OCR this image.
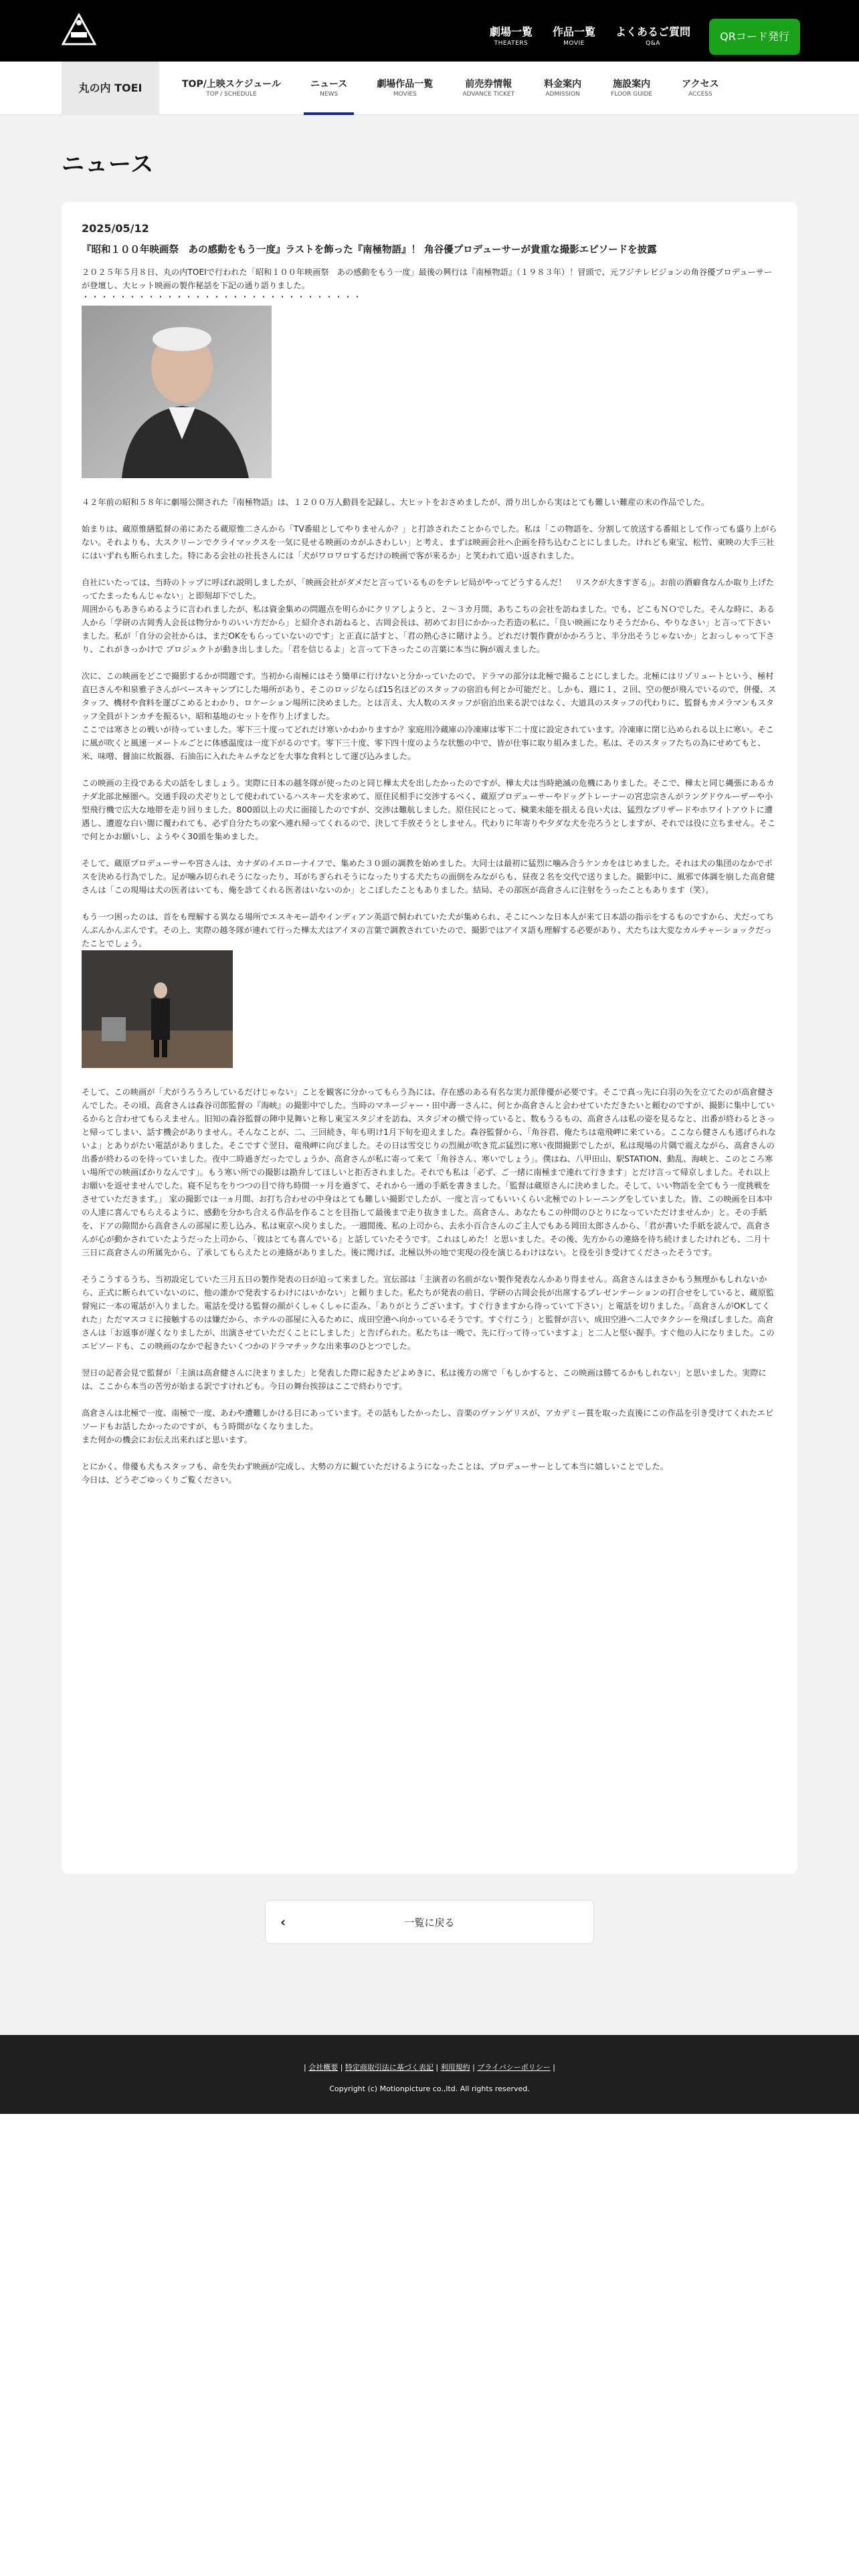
劇場一覧
THEATERS
作品一覧
MOVIE
よくあるご質問
Q&A
QRコード発行
丸の内 TOEI	TOP/上映スケジュール
TOP / SCHEDULE
ニュース
NEWS
劇場作品一覧
MOVIES
前売券情報
ADVANCE TICKET
料金案内
ADMISSION
施設案内
FLOOR GUIDE
アクセス
ACCESS
ニュース
2025/05/12
『昭和１００年映画祭　あの感動をもう一度』ラストを飾った『南極物語』！ 角谷優プロデューサーが貴重な撮影エピソードを披露

２０２５年５月８日、丸の内TOEIで行われた「昭和１００年映画祭　あの感動をもう一度」最後の興行は『南極物語』（１９８３年）！冒頭で、元フジテレビジョンの角谷優プロデューサーが登壇し、大ヒット映画の製作秘話を下記の通り語りました。

・・・・・・・・・・・・・・・・・・・・・・・・・・・・・・

４２年前の昭和５８年に劇場公開された『南極物語』は、１２００万人動員を記録し、大ヒットをおさめましたが、滑り出しから実はとても難しい難産の末の作品でした。

始まりは、蔵原惟繕監督の弟にあたる蔵原惟二さんから「TV番組としてやりませんか？」と打診されたことからでした。私は「この物語を、分割して放送する番組として作っても盛り上がらない。それよりも、大スクリーンでクライマックスを一気に見せる映画のカがふさわしい」と考え、まずは映画会社へ企画を持ち込むことにしました。けれども東宝、松竹、東映の大手三社にはいずれも断られました。特にある会社の社長さんには「犬がワロワロするだけの映画で客が来るか」と笑われて追い返されました。

自社にいたっては、当時のトップに呼ばれ説明しましたが、「映画会社がダメだと言っているものをテレビ局がやってどうするんだ！　リスクが大きすぎる」。お前の酒癖食なんか取り上げたってたまったもんじゃない」と即刻却下でした。
周囲からもあきらめるように言われましたが、私は資金集めの問題点を明らかにクリアしようと、２～３カ月間、あちこちの会社を訪ねました。でも、どこもＮＯでした。そんな時に、ある人から「学研の古岡秀人会長は物分かりのいい方だから」と紹介され訪ねると、古岡会長は、初めてお目にかかった若造の私に、「良い映画になりそうだから、やりなさい」と言って下さいました。私が「自分の会社からは、まだOKをもらっていないのです」と正直に話すと、「君の熱心さに賭けよう。どれだけ製作費がかかろうと、半分出そうじゃないか」とおっしゃって下さり、これがきっかけで プロジェクトが動き出しました。「君を信じるよ」と言って下さったこの言葉に本当に胸が震えました。

次に、この映画をどこで撮影するかが問題です。当初から南極にはそう簡単に行けないと分かっていたので、ドラマの部分は北極で撮ることにしました。北極にはリゾリュートという、極村直巳さんや和泉雅子さんがベースキャンプにした場所があり、そこのロッジならば15名ほどのスタッフの宿泊も何とか可能だと。しかも、週に１、２回、空の便が飛んでいるので、併優、スタッフ、機材や食料を運びこめるとわかり、ロケーション場所に決めました。とは言え、大人数のスタッフが宿泊出来る訳ではなく、大道具のスタッフの代わりに、監督もカメラマンもスタッフ全員がトンカチを振るい、昭和基地のセットを作り上げました。
ここでは寒さとの戦いが待っていました。零下三十度ってどれだけ寒いかわかりますか？家庭用冷蔵庫の冷凍庫は零下二十度に設定されています。冷凍庫に閉じ込められる以上に寒い。そこに風が吹くと風速一メートルごとに体感温度は一度下がるのです。零下三十度、零下四十度のような状態の中で、皆が仕事に取り組みました。私は、そのスタッフたちの為にせめてもと、米、味噌、醤油に炊飯器、石油缶に入れたキムチなどを大事な食料として運び込みました。

この映画の主役である犬の話をしましょう。実際に日本の越冬隊が使ったのと同じ樺太犬を出したかったのですが、樺太犬は当時絶滅の危機にありました。そこで、樺太と同じ縄張にあるカナダ北部北極圏へ。交通手段の犬ぞりとして使われているハスキー犬を求めて、原住民相手に交渉するべく、蔵原プロデューサーやドッグトレーナーの宮忠宗さんがラングドウルーザーや小型飛行機で広大な地帯を走り回りました。800頭以上の犬に面接したのですが、交渉は難航しました。原住民にとって、穢業未能を損える良い犬は、猛烈なブリザードやホワイトアウトに遭遇し、遭遊な白い闇に覆われても、必ず自分たちの家へ連れ帰ってくれるので、決して手放そうとしません。代わりに年寄りや夕ダな犬を売ろうとしますが、それでは役に立ちません。そこで何とかお願いし、ようやく30頭を集めました。

そして、蔵原プロデューサーや宮さんは、カナダのイエローナイフで、集めた３０頭の調教を始めました。大同士は最初に猛烈に噛み合うケンカをはじめました。それは犬の集団のなかでボスを決める行為でした。足が噛み切られそうになったり、耳がちぎられそうになったりする犬たちの面倒をみながらも、昼夜２名を交代で送りました。撮影中に、風邪で体調を崩した高倉健さんは「この現場は犬の医者はいても、俺を診てくれる医者はいないのか」とこぼしたこともありました。結局、その部医が高倉さんに注射をうったこともあります（笑）。

もう一つ困ったのは、首をも理解する異なる場所でエスキモー語やインディアン英語で飼われていた犬が集められ、そこにヘンな日本人が来て日本語の指示をするものですから、犬だってちんぷんかんぷんです。その上、実際の越冬隊が連れて行った樺太犬はアイヌの言葉で調教されていたので、撮影ではアイヌ語も理解する必要があり、犬たちは大変なカルチャーショックだったことでしょう。

そして、この映画が「犬がうろうろしているだけじゃない」ことを観客に分かってもらう為には、存在感のある有名な実力派俳優が必要です。そこで真っ先に白羽の矢を立てたのが高倉健さんでした。その頃、高倉さんは森谷司郎監督の『海峡』の撮影中でした。当時のマネージャー・田中壽一さんに、何とか高倉さんと会わせていただきたいと頼むのですが、撮影に集中しているからと合わせてもらえません。旧知の森谷監督の陣中見舞いと称し東宝スタジオを訪ね、スタジオの横で待っていると、数もうるもの、高倉さんは私の姿を見るなと、出番が終わるとさっと帰ってしまい、話す機会がありません。そんなことが、二、三回続き、年も明け1月下旬を迎えました。森谷監督から、「角谷君、俺たちは竜飛岬に来ている。ここなら健さんも逃げられないよ」とありがたい電話がありました。そこですぐ翌日、竜飛岬に向びました。その日は雪交じりの烈風が吹き荒ぶ猛烈に寒い夜間撮影でしたが、私は現場の片隅で震えながら、高倉さんの出番が終わるのを待っていました。夜中二時過ぎだったでしょうか、高倉さんが私に寄って来て「角谷さん、寒いでしょう」。僕はね、八甲田山、駅STATION、動乱、海峡と、このところ寒い場所での映画ばかりなんです」。もう寒い所での撮影は勘弁してほしいと拒否されました。それでも私は「必ず、ご一緒に南極まで連れて行きます」とだけ言って帰京しました。それ以上お願いを返せませんでした。寝不足ちをりつつの目で待ち時間一ヶ月を過ぎて、それから一通の手紙を書きました。「監督は蔵原さんに決めました。そして、いい物語を全てもう一度挑戦をさせていただきます。」 家の撮影では一ヵ月間、お打ち合わせの中身はとても難しい撮影でしたが、一度と言ってもいいくらい北極でのトレーニングをしていました。皆、この映画を日本中の人達に喜んでもらえるように、感動を分かち合える作品を作ることを目指して最後まで走り抜きました。高倉さん、あなたもこの仲間のひとりになっていただけませんか」と。その手紙を、ドアの隙間から高倉さんの部屋に差し込み、私は東京へ戻りました。一週間後、私の上司から、去永小百合さんのご主人でもある岡田太郎さんから、「君が書いた手紙を読んで、高倉さんが心が動かされていたようだった上司から、「彼はとても喜んでいる」と話していたそうです。これはしめた！と思いました。その後、先方からの連絡を待ち続けましたけれども、二月十三日に高倉さんの所属先から、了承してもらえたとの連絡がありました。後に聞けば、北極以外の地で実現の役を演じるわけはない。と役を引き受けてくださったそうです。

そうこうするうち、当初設定していた三月五日の製作発表の日が迫って来ました。宣伝部は「主演者の名前がない製作発表なんかあり得ません。高倉さんはまさかもう無理かもしれないから、正式に断られていないのに、他の誰かで発表するわけにはいかない」と頼りました。私たちが発表の前日、学研の古岡会長が出席するプレゼンテーションの打合せをしていると、蔵原監督宛に一本の電話が入りました。電話を受ける監督の顔がくしゃくしゃに歪み、「ありがとうございます。すぐ行きますから待っていて下さい」と電話を切りました。「高倉さんがOKしてくれた」ただマスコミに接触するのは嫌だから、ホテルの部屋に入るために、成田空港へ向かっているそうです。すぐ行こう」と監督が言い、成田空港へ二人でタクシーを飛ばしました。高倉さんは「お返事が遅くなりましたが、出演させていただくことにしました」と告げられた。私たちは一晩で、先に行って待っていますよ」と二人と堅い握手。すぐ他の人になりました。このエピソードも、この映画のなかで起きたいくつかのドラマチックな出来事のひとつでした。

翌日の記者会見で監督が「主演は高倉健さんに決まりました」と発表した際に起きたどよめきに、私は後方の席で「もしかすると、この映画は勝てるかもしれない」と思いました。実際には、ここから本当の苦労が始まる訳ですけれども。今日の舞台挨拶はここで終わりです。

高倉さんは北極で一度、南極で一度、あわや遭難しかける目にあっています。その話もしたかったし、音楽のヴァンゲリスが、アカデミー賞を取った直後にこの作品を引き受けてくれたエピソードもお話したかったのですが、もう時間がなくなりました。
また何かの機会にお伝え出来ればと思います。

とにかく、俳優も犬もスタッフも、命を失わず映画が完成し、大勢の方に観ていただけるようになったことは、プロデューサーとして本当に嬉しいことでした。
今日は、どうぞごゆっくりご覧ください。

‹	一覧に戻る
| 会社概要 | 特定商取引法に基づく表記 | 利用規約 | プライバシーポリシー |
Copyright (c) Motionpicture co.,ltd. All rights reserved.
